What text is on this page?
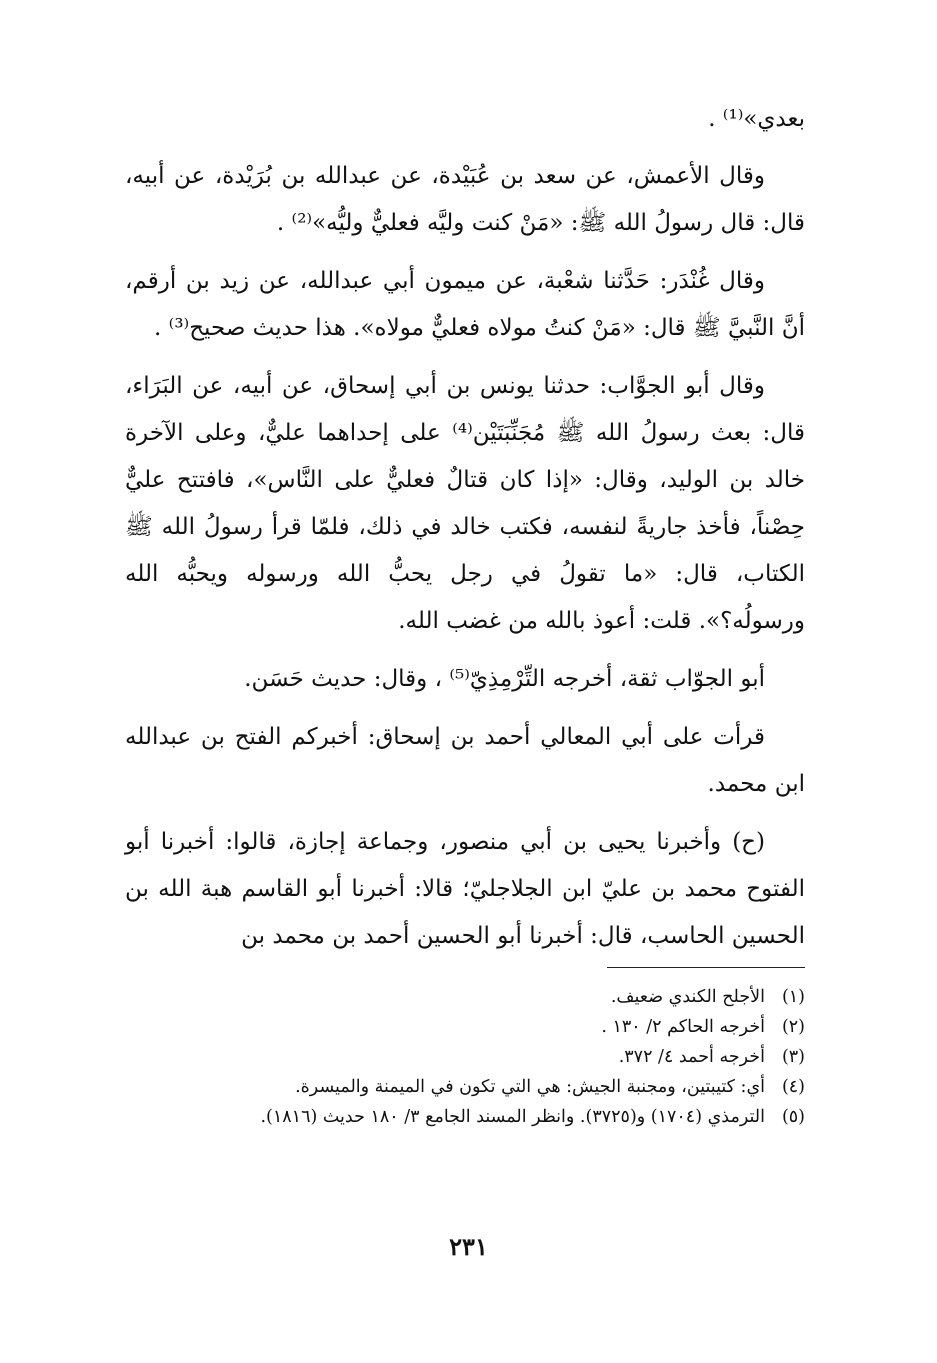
بعدي»⁽¹⁾ .

وقال الأعمش، عن سعد بن عُبَيْدة، عن عبدالله بن بُرَيْدة، عن أبيه، قال: قال رسولُ الله ﷺ: «مَنْ كنت وليَّه فعليٌّ وليُّه»⁽²⁾ .

وقال غُنْدَر: حَدَّثنا شعْبة، عن ميمون أبي عبدالله، عن زيد بن أرقم، أنَّ النَّبيَّ ﷺ قال: «مَنْ كنتُ مولاه فعليٌّ مولاه». هذا حديث صحيح⁽³⁾ .

وقال أبو الجوَّاب: حدثنا يونس بن أبي إسحاق، عن أبيه، عن البَرَاء، قال: بعث رسولُ الله ﷺ مُجَنِّبَتَيْن⁽⁴⁾ على إحداهما عليٌّ، وعلى الآخرة خالد بن الوليد، وقال: «إذا كان قتالٌ فعليٌّ على النَّاس»، فافتتح عليٌّ حِصْناً، فأخذ جاريةً لنفسه، فكتب خالد في ذلك، فلمّا قرأ رسولُ الله ﷺ الكتاب، قال: «ما تقولُ في رجل يحبُّ الله ورسوله ويحبُّه الله ورسولُه؟». قلت: أعوذ بالله من غضب الله.

أبو الجوّاب ثقة، أخرجه التِّرْمِذِيّ⁽⁵⁾ ، وقال: حديث حَسَن.

قرأت على أبي المعالي أحمد بن إسحاق: أخبركم الفتح بن عبدالله ابن محمد.

(ح) وأخبرنا يحيى بن أبي منصور، وجماعة إجازة، قالوا: أخبرنا أبو الفتوح محمد بن عليّ ابن الجلاجليّ؛ قالا: أخبرنا أبو القاسم هبة الله بن الحسين الحاسب، قال: أخبرنا أبو الحسين أحمد بن محمد بن

(١)
الأجلح الكندي ضعيف.
(٢)
أخرجه الحاكم ٢/ ١٣٠ .
(٣)
أخرجه أحمد ٤/ ٣٧٢.
(٤)
أي: كتيبتين، ومجنبة الجيش: هي التي تكون في الميمنة والميسرة.
(٥)
الترمذي (١٧٠٤) و(٣٧٢٥). وانظر المسند الجامع ٣/ ١٨٠ حديث (١٨١٦).
٢٣١
